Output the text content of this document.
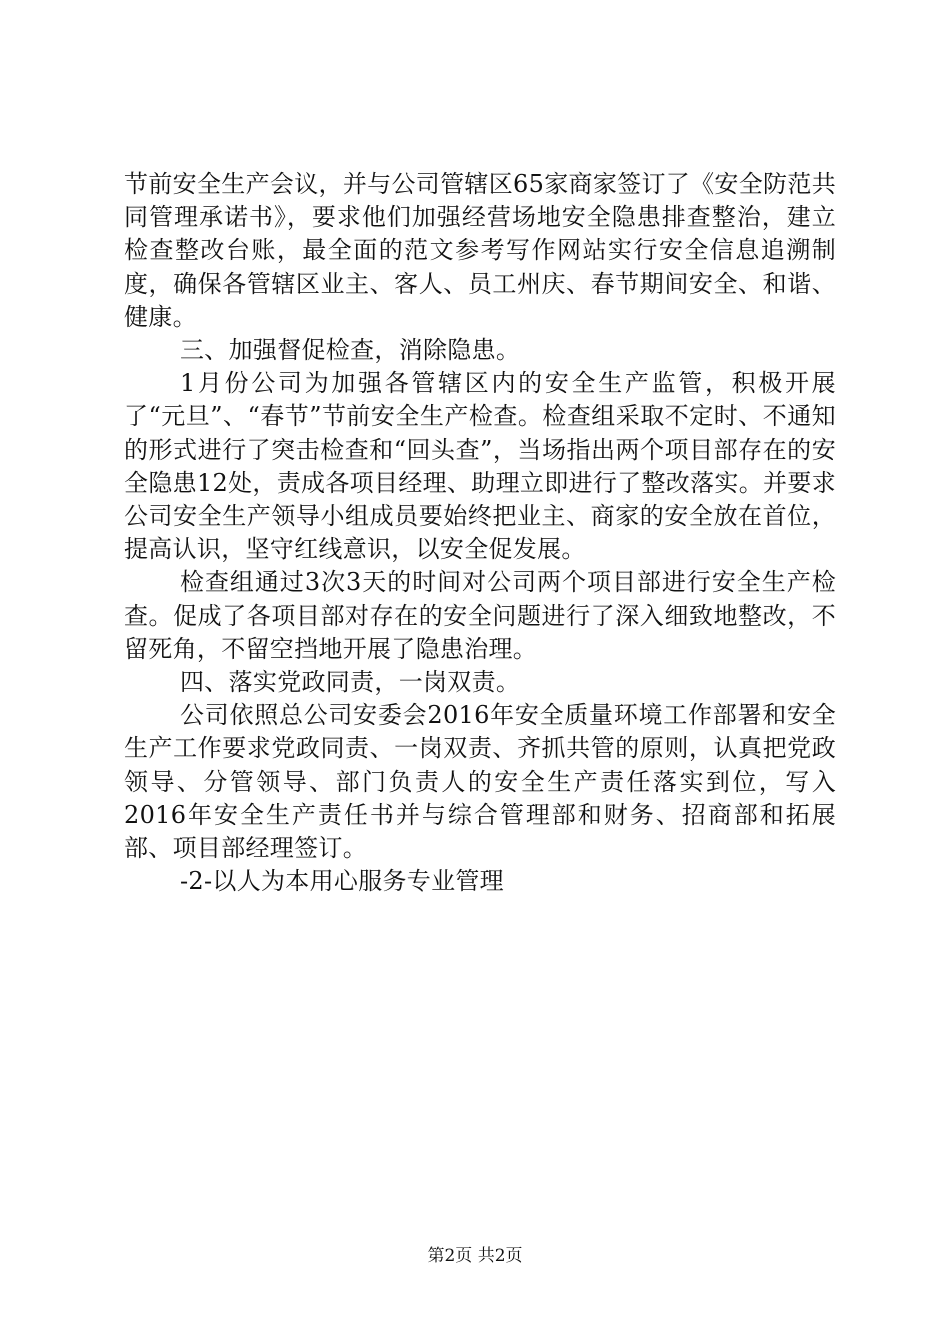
节前安全生产会议，并与公司管辖区65家商家签订了《安全防范共同管理承诺书》，要求他们加强经营场地安全隐患排查整治，建立检查整改台账，最全面的范文参考写作网站实行安全信息追溯制度，确保各管辖区业主、客人、员工州庆、春节期间安全、和谐、健康。

三、加强督促检查，消除隐患。

1月份公司为加强各管辖区内的安全生产监管，积极开展了“元旦”、“春节”节前安全生产检查。检查组采取不定时、不通知的形式进行了突击检查和“回头查”，当场指出两个项目部存在的安全隐患12处，责成各项目经理、助理立即进行了整改落实。并要求公司安全生产领导小组成员要始终把业主、商家的安全放在首位，提高认识，坚守红线意识，以安全促发展。

检查组通过3次3天的时间对公司两个项目部进行安全生产检查。促成了各项目部对存在的安全问题进行了深入细致地整改，不留死角，不留空挡地开展了隐患治理。

四、落实党政同责，一岗双责。

公司依照总公司安委会2016年安全质量环境工作部署和安全生产工作要求党政同责、一岗双责、齐抓共管的原则，认真把党政领导、分管领导、部门负责人的安全生产责任落实到位，写入2016年安全生产责任书并与综合管理部和财务、招商部和拓展部、项目部经理签订。

-2-以人为本用心服务专业管理

第2页 共2页
